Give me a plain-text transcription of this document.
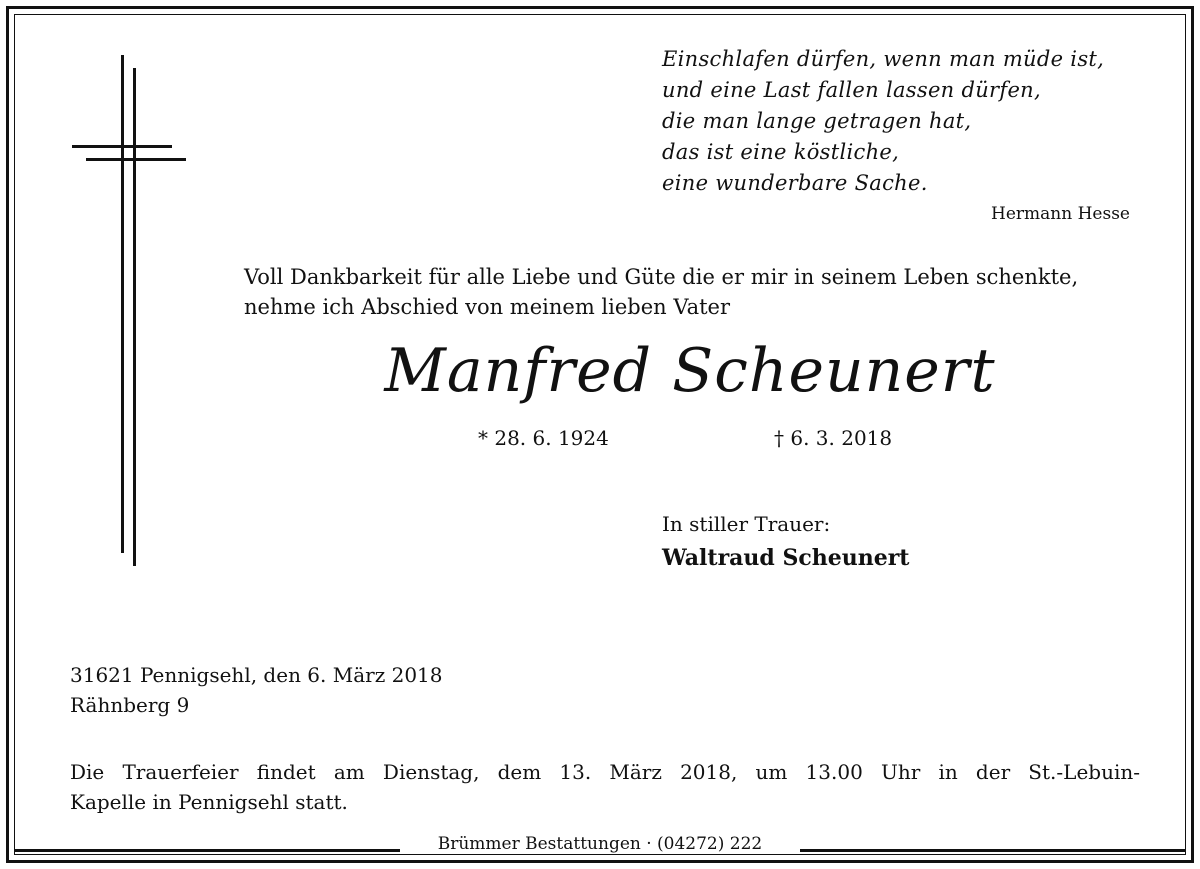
Einschlafen dürfen, wenn man müde ist,
und eine Last fallen lassen dürfen,
die man lange getragen hat,
das ist eine köstliche,
eine wunderbare Sache.
Hermann Hesse
Voll Dankbarkeit für alle Liebe und Güte die er mir in seinem Leben schenkte,
nehme ich Abschied von meinem lieben Vater
Manfred Scheunert
* 28. 6. 1924	† 6. 3. 2018
In stiller Trauer:
Waltraud Scheunert
31621 Pennigsehl, den 6. März 2018
Rähnberg 9
Die Trauerfeier findet am Dienstag, dem 13. März 2018, um 13.00 Uhr in der St.-Lebuin-
Kapelle in Pennigsehl statt.
Brümmer Bestattungen · (04272) 222
